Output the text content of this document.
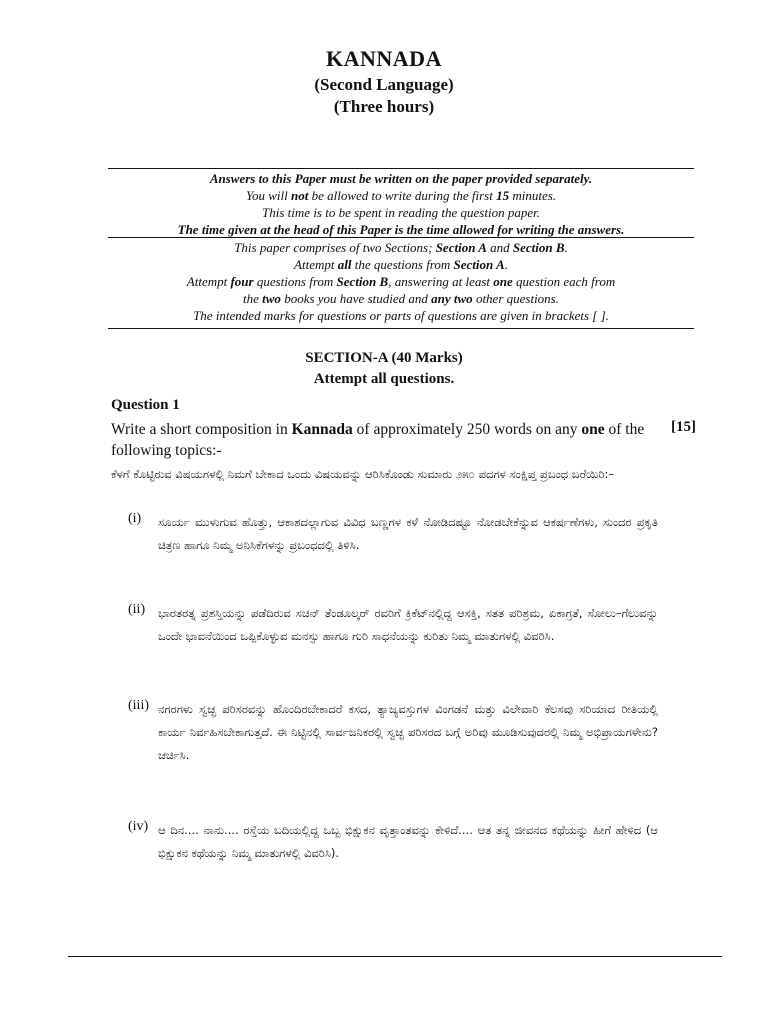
KANNADA
(Second Language)
(Three hours)
Answers to this Paper must be written on the paper provided separately.
You will not be allowed to write during the first 15 minutes.
This time is to be spent in reading the question paper.
The time given at the head of this Paper is the time allowed for writing the answers.
This paper comprises of two Sections; Section A and Section B.
Attempt all the questions from Section A.
Attempt four questions from Section B, answering at least one question each from
the two books you have studied and any two other questions.
The intended marks for questions or parts of questions are given in brackets [ ].
SECTION-A (40 Marks)
Attempt all questions.
Question 1
Write a short composition in Kannada of approximately 250 words on any one of the following topics:-
[15]
ಕೆಳಗೆ ಕೊಟ್ಟಿರುವ ವಿಷಯಗಳಲ್ಲಿ ನಿಮಗೆ ಬೇಕಾದ ಒಂದು ವಿಷಯವನ್ನು ಆರಿಸಿಕೊಂಡು ಸುಮಾರು ೨೫೦ ಪದಗಳ ಸಂಕ್ಷಿಪ್ತ ಪ್ರಬಂಧ ಬರೆಯಿರಿ:–
(i) ಸೂರ್ಯ ಮುಳುಗುವ ಹೊತ್ತು, ಆಕಾಶದಲ್ಲಾಗುವ ವಿವಿಧ ಬಣ್ಣಗಳ ಕಳೆ ನೋಡಿದಷ್ಟೂ ನೋಡಬೇಕೆನ್ನುವ ಆಕರ್ಷಣೆಗಳು, ಸುಂದರ ಪ್ರಕೃತಿ ಚಿತ್ರಣ ಹಾಗೂ ನಿಮ್ಮ ಅನಿಸಿಕೆಗಳನ್ನು ಪ್ರಬಂಧದಲ್ಲಿ ತಿಳಿಸಿ.
(ii) ಭಾರತರತ್ನ ಪ್ರಶಸ್ತಿಯನ್ನು ಪಡೆದಿರುವ ಸಚಿನ್ ತೆಂಡೂಲ್ಕರ್ ರವರಿಗೆ ಕ್ರಿಕೆಟ್‌ನಲ್ಲಿದ್ದ ಆಸಕ್ತಿ, ಸತತ ಪರಿಶ್ರಮ, ಏಕಾಗ್ರತೆ, ಸೋಲು–ಗೆಲುವನ್ನು ಒಂದೇ ಭಾವನೆಯಿಂದ ಒಪ್ಪಿಕೊಳ್ಳುವ ಮನಸ್ಸು ಹಾಗೂ ಗುರಿ ಸಾಧನೆಯನ್ನು ಕುರಿತು ನಿಮ್ಮ ಮಾತುಗಳಲ್ಲಿ ವಿವರಿಸಿ.
(iii) ನಗರಗಳು ಸ್ವಚ್ಛ ಪರಿಸರವನ್ನು ಹೊಂದಿರಬೇಕಾದರೆ ಕಸದ, ತ್ಯಾಜ್ಯವಸ್ತುಗಳ ವಿಂಗಡನೆ ಮತ್ತು ವಿಲೇವಾರಿ ಕೆಲಸವು ಸರಿಯಾದ ರೀತಿಯಲ್ಲಿ ಕಾರ್ಯ ನಿರ್ವಹಿಸಬೇಕಾಗುತ್ತದೆ. ಈ ನಿಟ್ಟಿನಲ್ಲಿ ಸಾರ್ವಜನಿಕರಲ್ಲಿ ಸ್ವಚ್ಛ ಪರಿಸರದ ಬಗ್ಗೆ ಅರಿವು ಮೂಡಿಸುವುದರಲ್ಲಿ ನಿಮ್ಮ ಅಭಿಪ್ರಾಯಗಳೇನು? ಚರ್ಚಿಸಿ.
(iv) ಆ ದಿನ.... ನಾನು.... ರಸ್ತೆಯ ಬದಿಯಲ್ಲಿದ್ದ ಒಬ್ಬ ಭಿಕ್ಷುಕನ ವೃತ್ತಾಂತವನ್ನು ಕೇಳಿದೆ.... ಆತ ತನ್ನ ಜೀವನದ ಕಥೆಯನ್ನು ಹೀಗೆ ಹೇಳಿದ (ಆ ಭಿಕ್ಷುಕನ ಕಥೆಯನ್ನು ನಿಮ್ಮ ಮಾತುಗಳಲ್ಲಿ ವಿವರಿಸಿ).
